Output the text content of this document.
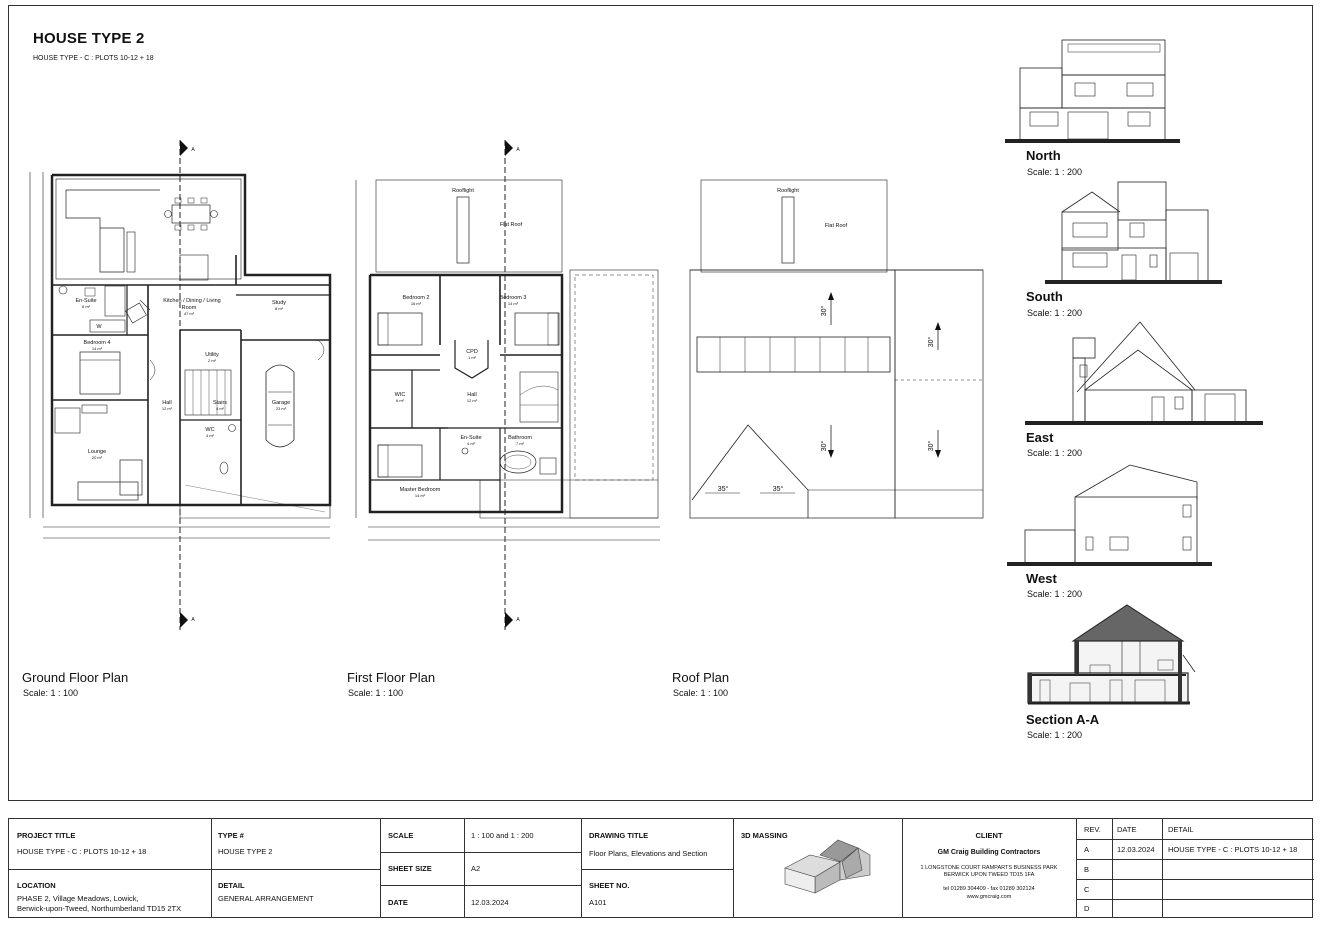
HOUSE TYPE 2
HOUSE TYPE - C : PLOTS 10-12 + 18
Kitchen / Dining / Living
Room
47 m²
En-Suite
6 m²
Study
8 m²
W
Bedroom 4
14 m²
Utility
2 m²
Hall
12 m²
Stairs
4 m²
Garage
23 m²
WC
4 m²
Lounge
20 m²
Rooflight
Flat Roof
Bedroom 2
16 m²
Bedroom 3
14 m²
CPD
1 m²
WIC
6 m²
Hall
12 m²
En-Suite
4 m²
Bathroom
7 m²
Master Bedroom
14 m²
Rooflight
Flat Roof
35°	35°
A
A
A
A
30°
30°
30°
30°
Ground Floor Plan
Scale: 1 : 100
First Floor Plan
Scale: 1 : 100
Roof Plan
Scale: 1 : 100
North
Scale: 1 : 200
South
Scale: 1 : 200
East
Scale: 1 : 200
West
Scale: 1 : 200
Section A-A
Scale: 1 : 200
PROJECT TITLE
HOUSE TYPE - C : PLOTS 10-12 + 18
TYPE #
HOUSE TYPE 2
LOCATION
PHASE 2, Village Meadows, Lowick,
Berwick-upon-Tweed, Northumberland TD15 2TX
DETAIL
GENERAL ARRANGEMENT
SCALE	1 : 100 and 1 : 200
SHEET SIZE	A2
DATE	12.03.2024
DRAWING TITLE
Floor Plans, Elevations and Section
SHEET NO.
A101
3D MASSING	CLIENT
GM Craig Building Contractors
1 LONGSTONE COURT RAMPARTS BUSINESS PARK
BERWICK UPON TWEED TD15 1FA
tel 01289 304409 - fax 01289 302124
www.gmcraig.com
REV. DATE	DETAIL
A	12.03.2024 HOUSE TYPE - C : PLOTS 10-12 + 18
B
C
D
